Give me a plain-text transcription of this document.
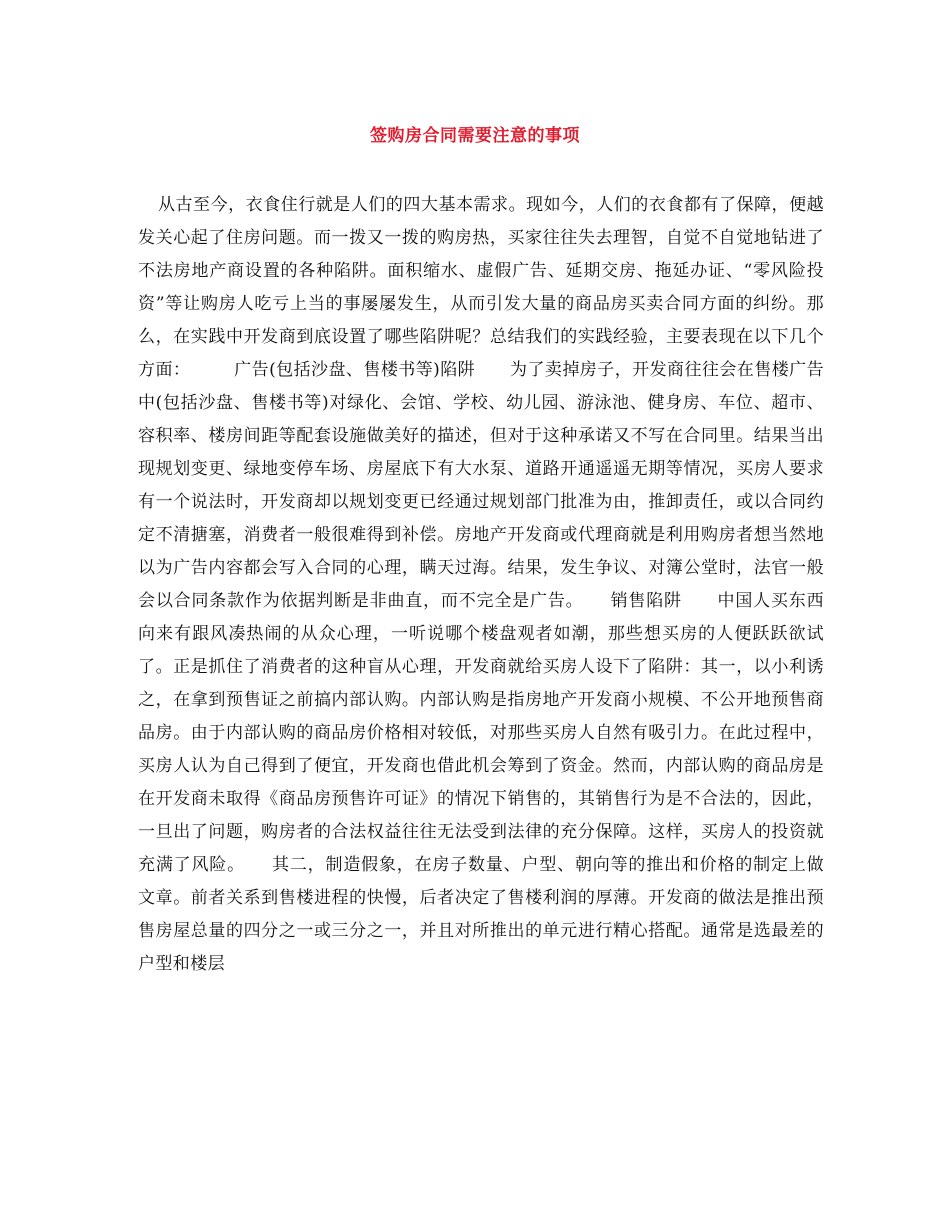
签购房合同需要注意的事项

从古至今，衣食住行就是人们的四大基本需求。现如今，人们的衣食都有了保障，便越发关心起了住房问题。而一拨又一拨的购房热，买家往往失去理智，自觉不自觉地钻进了不法房地产商设置的各种陷阱。面积缩水、虚假广告、延期交房、拖延办证、“零风险投资”等让购房人吃亏上当的事屡屡发生，从而引发大量的商品房买卖合同方面的纠纷。那么，在实践中开发商到底设置了哪些陷阱呢？总结我们的实践经验，主要表现在以下几个方面：　　　广告(包括沙盘、售楼书等)陷阱　　为了卖掉房子，开发商往往会在售楼广告中(包括沙盘、售楼书等)对绿化、会馆、学校、幼儿园、游泳池、健身房、车位、超市、容积率、楼房间距等配套设施做美好的描述，但对于这种承诺又不写在合同里。结果当出现规划变更、绿地变停车场、房屋底下有大水泵、道路开通遥遥无期等情况，买房人要求有一个说法时，开发商却以规划变更已经通过规划部门批准为由，推卸责任，或以合同约定不清搪塞，消费者一般很难得到补偿。房地产开发商或代理商就是利用购房者想当然地以为广告内容都会写入合同的心理，瞒天过海。结果，发生争议、对簿公堂时，法官一般会以合同条款作为依据判断是非曲直，而不完全是广告。　　销售陷阱　　中国人买东西向来有跟风凑热闹的从众心理，一听说哪个楼盘观者如潮，那些想买房的人便跃跃欲试了。正是抓住了消费者的这种盲从心理，开发商就给买房人设下了陷阱：其一，以小利诱之，在拿到预售证之前搞内部认购。内部认购是指房地产开发商小规模、不公开地预售商品房。由于内部认购的商品房价格相对较低，对那些买房人自然有吸引力。在此过程中，买房人认为自己得到了便宜，开发商也借此机会筹到了资金。然而，内部认购的商品房是在开发商未取得《商品房预售许可证》的情况下销售的，其销售行为是不合法的，因此，一旦出了问题，购房者的合法权益往往无法受到法律的充分保障。这样，买房人的投资就充满了风险。　　其二，制造假象，在房子数量、户型、朝向等的推出和价格的制定上做文章。前者关系到售楼进程的快慢，后者决定了售楼利润的厚薄。开发商的做法是推出预售房屋总量的四分之一或三分之一，并且对所推出的单元进行精心搭配。通常是选最差的户型和楼层
